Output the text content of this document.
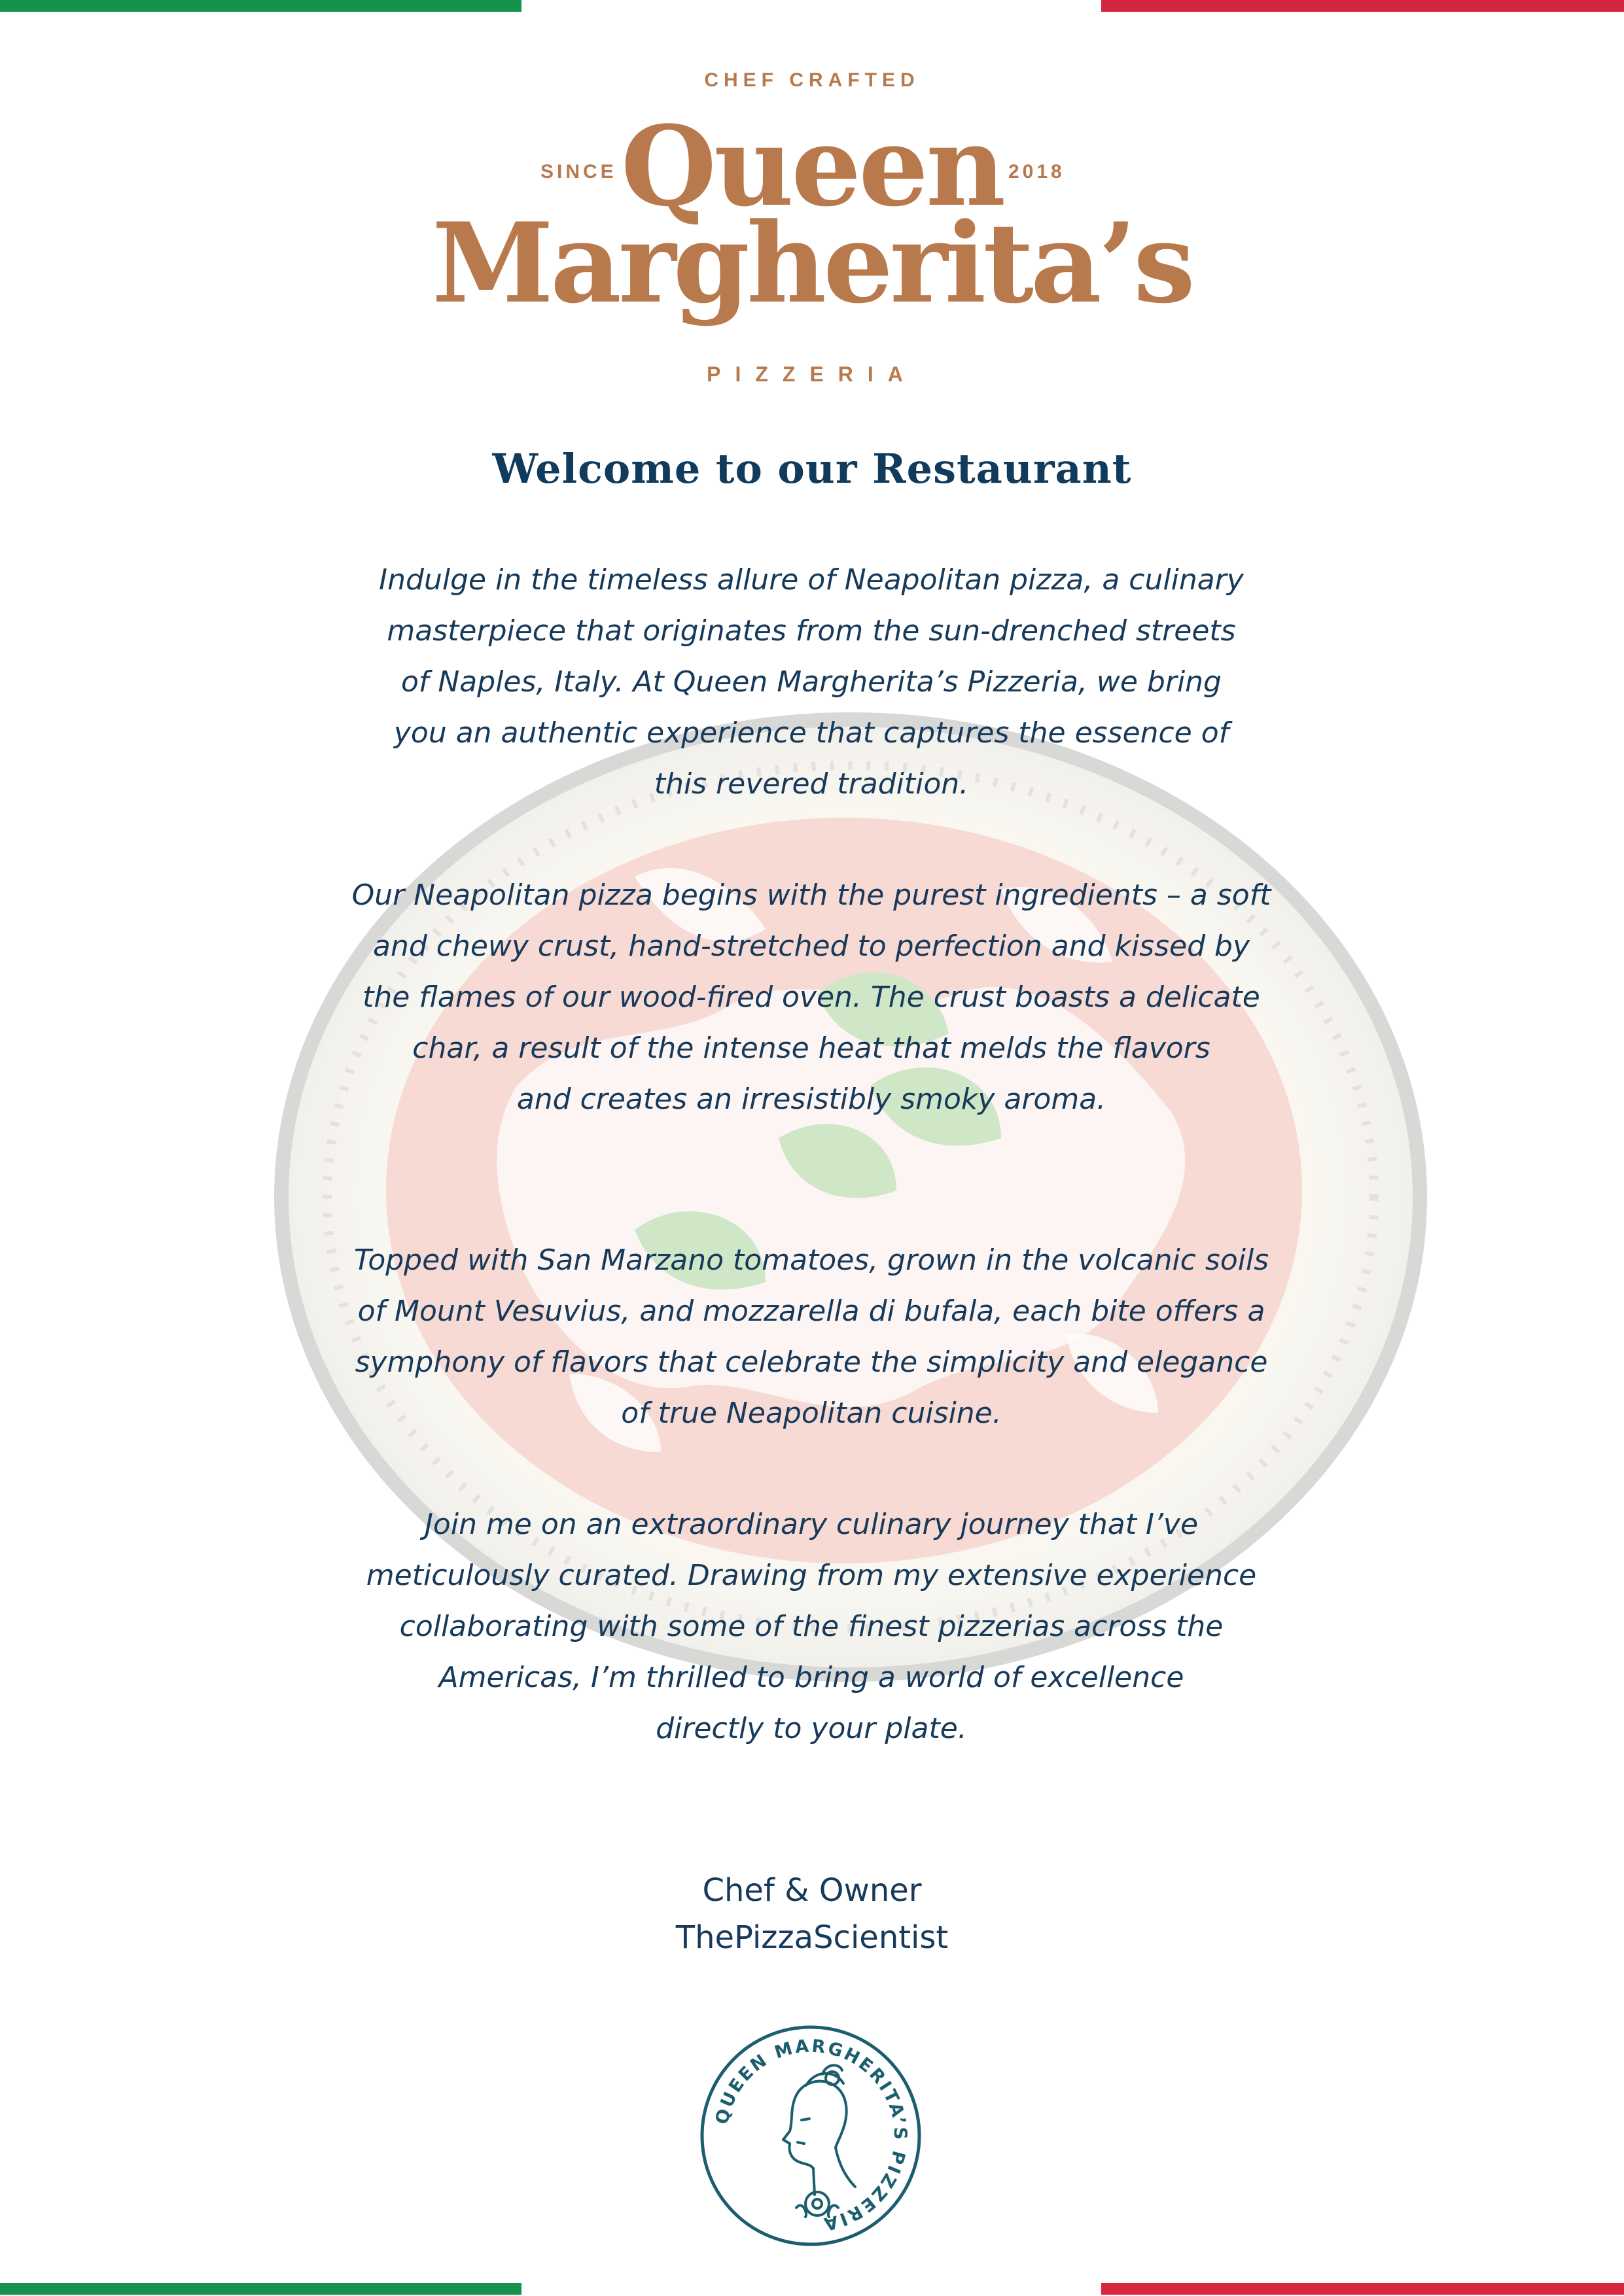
CHEF CRAFTED
SINCE	2018
Queen
Margherita’s
PIZZERIA
Welcome to our Restaurant
Indulge in the timeless allure of Neapolitan pizza, a culinary
masterpiece that originates from the sun-drenched streets
of Naples, Italy. At Queen Margherita’s Pizzeria, we bring
you an authentic experience that captures the essence of
this revered tradition.
Our Neapolitan pizza begins with the purest ingredients – a soft
and chewy crust, hand-stretched to perfection and kissed by
the flames of our wood-fired oven. The crust boasts a delicate
char, a result of the intense heat that melds the flavors
and creates an irresistibly smoky aroma.
Topped with San Marzano tomatoes, grown in the volcanic soils
of Mount Vesuvius, and mozzarella di bufala, each bite offers a
symphony of flavors that celebrate the simplicity and elegance
of true Neapolitan cuisine.
Join me on an extraordinary culinary journey that I’ve
meticulously curated. Drawing from my extensive experience
collaborating with some of the finest pizzerias across the
Americas, I’m thrilled to bring a world of excellence
directly to your plate.
Chef & Owner
ThePizzaScientist
QUEEN MARGHERITA’S PIZZERIA
